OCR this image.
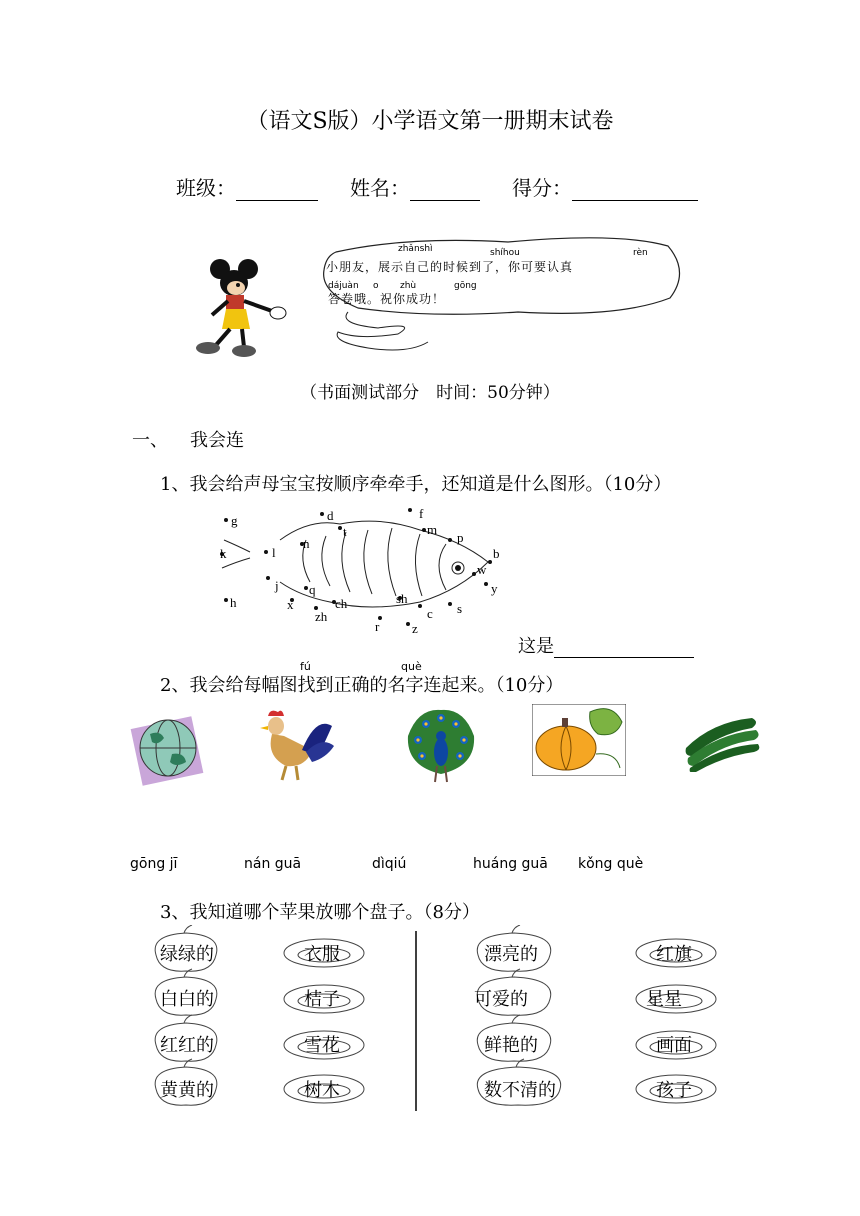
（语文S版）小学语文第一册期末试卷
班级：	姓名：	得分：
zhǎnshì	shíhou	rèn
小朋友，展示自己的时候到了，你可要认真
dájuàn o zhù	gōng
答卷哦。祝你成功！
（书面测试部分　时间：50分钟）
一、 我会连
1、我会给声母宝宝按顺序牵牵手，还知道是什么图形。（10分）
g	d	f
t	m
k	l
n	p
b
j q
w
y
h	x	ch	sh
c s
zh
r	z
这是
fú	què
2、我会给每幅图找到正确的名字连起来。（10分）
gōng jī	nán guā	dìqiú	huáng guā kǒng què
3、我知道哪个苹果放哪个盘子。（8分）
绿绿的
白白的
红红的
黄黄的
衣服
桔子
雪花
树木
漂亮的
可爱的
鲜艳的
数不清的
红旗
星星
画面
孩子
